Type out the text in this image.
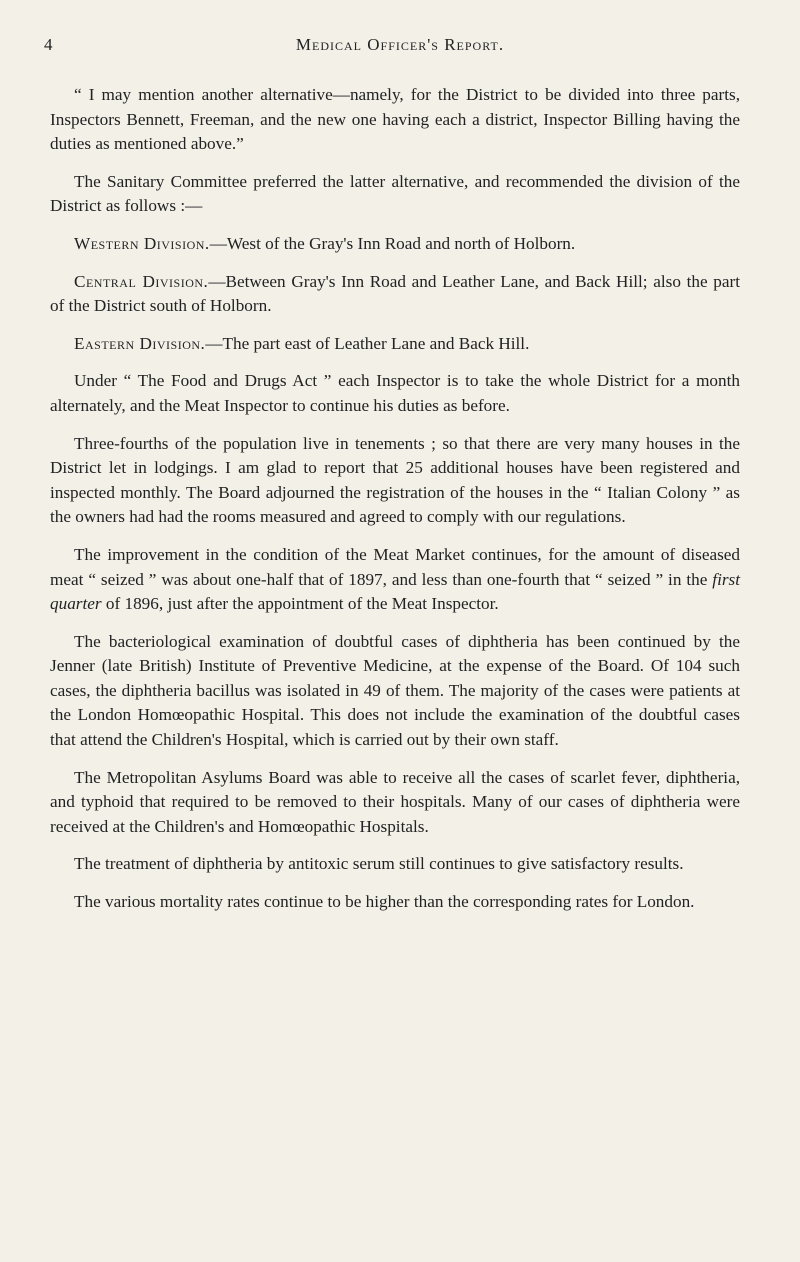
4	Medical Officer's Report.

“ I may mention another alternative—namely, for the District to be divided into three parts, Inspectors Bennett, Freeman, and the new one having each a district, Inspector Billing having the duties as mentioned above.”

The Sanitary Committee preferred the latter alternative, and recommended the division of the District as follows :—

Western Division.—West of the Gray's Inn Road and north of Holborn.

Central Division.—Between Gray's Inn Road and Leather Lane, and Back Hill; also the part of the District south of Holborn.

Eastern Division.—The part east of Leather Lane and Back Hill.

Under “ The Food and Drugs Act ” each Inspector is to take the whole District for a month alternately, and the Meat Inspector to continue his duties as before.

Three-fourths of the population live in tenements ; so that there are very many houses in the District let in lodgings. I am glad to report that 25 additional houses have been registered and inspected monthly. The Board adjourned the registration of the houses in the “ Italian Colony ” as the owners had had the rooms measured and agreed to comply with our regulations.

The improvement in the condition of the Meat Market continues, for the amount of diseased meat “ seized ” was about one-half that of 1897, and less than one-fourth that “ seized ” in the first quarter of 1896, just after the appointment of the Meat Inspector.

The bacteriological examination of doubtful cases of diphtheria has been continued by the Jenner (late British) Institute of Preventive Medicine, at the expense of the Board. Of 104 such cases, the diphtheria bacillus was isolated in 49 of them. The majority of the cases were patients at the London Homœopathic Hospital. This does not include the examination of the doubtful cases that attend the Children's Hospital, which is carried out by their own staff.

The Metropolitan Asylums Board was able to receive all the cases of scarlet fever, diphtheria, and typhoid that required to be removed to their hospitals. Many of our cases of diphtheria were received at the Children's and Homœopathic Hospitals.

The treatment of diphtheria by antitoxic serum still continues to give satisfactory results.

The various mortality rates continue to be higher than the corresponding rates for London.
